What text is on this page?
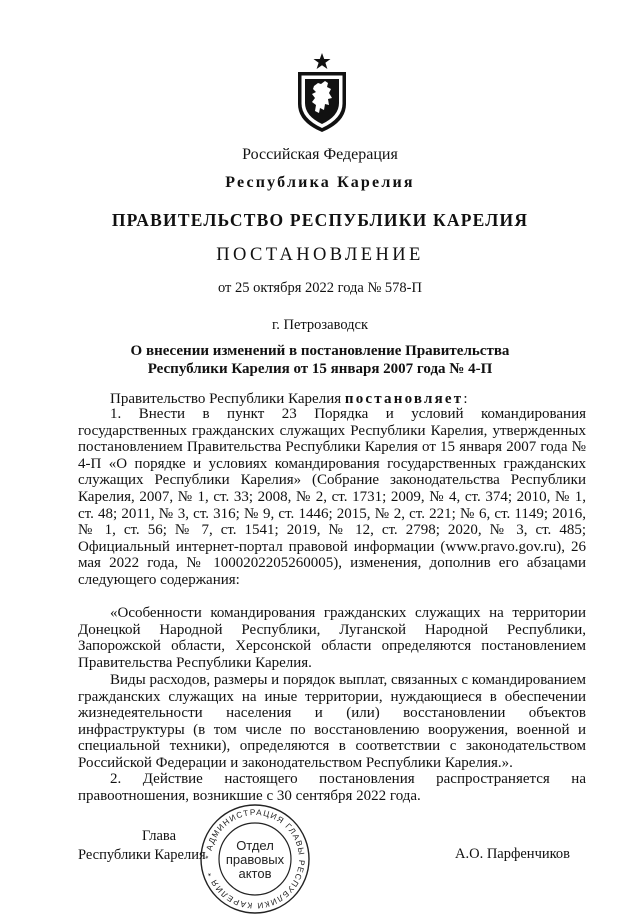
Российская Федерация
Республика Карелия
ПРАВИТЕЛЬСТВО РЕСПУБЛИКИ КАРЕЛИЯ
ПОСТАНОВЛЕНИЕ
от 25 октября 2022 года № 578-П
г. Петрозаводск
О внесении изменений в постановление Правительства
Республики Карелия от 15 января 2007 года № 4-П
Правительство Республики Карелия постановляет:
1. Внести в пункт 23 Порядка и условий командирования государственных гражданских служащих Республики Карелия, утвержденных постановлением Правительства Республики Карелия от 15 января 2007 года № 4-П «О порядке и условиях командирования государственных гражданских служащих Республики Карелия» (Собрание законодательства Республики Карелия, 2007, № 1, ст. 33; 2008, № 2, ст. 1731; 2009, № 4, ст. 374; 2010, № 1, ст. 48; 2011, № 3, ст. 316; № 9, ст. 1446; 2015, № 2, ст. 221; № 6, ст. 1149; 2016, № 1, ст. 56; № 7, ст. 1541; 2019, № 12, ст. 2798; 2020, № 3, ст. 485; Официальный интернет-портал правовой информации (www.pravo.gov.ru), 26 мая 2022 года, № 1000202205260005), изменения, дополнив его абзацами следующего содержания:
«Особенности командирования гражданских служащих на территории Донецкой Народной Республики, Луганской Народной Республики, Запорожской области, Херсонской области определяются постановлением Правительства Республики Карелия.
Виды расходов, размеры и порядок выплат, связанных с командированием гражданских служащих на иные территории, нуждающиеся в обеспечении жизнедеятельности населения и (или) восстановлении объектов инфраструктуры (в том числе по восстановлению вооружения, военной и специальной техники), определяются в соответствии с законодательством Российской Федерации и законодательством Республики Карелия.».
2. Действие настоящего постановления распространяется на правоотношения, возникшие с 30 сентября 2022 года.
Глава
Республики Карелия	А.О. Парфенчиков
* АДМИНИСТРАЦИЯ ГЛАВЫ РЕСПУБЛИКИ КАРЕЛИЯ *
Отдел
правовых
актов
